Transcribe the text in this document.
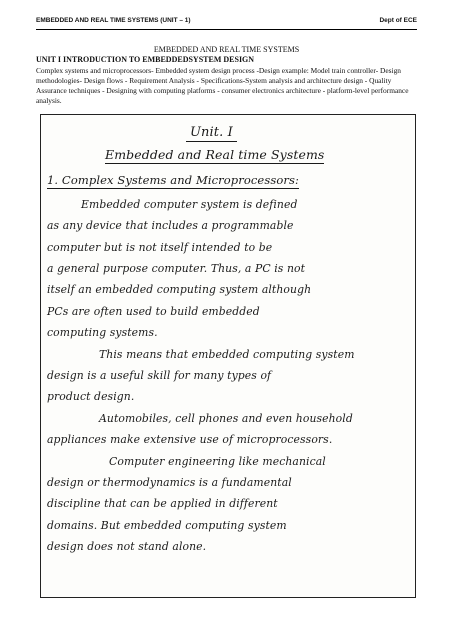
EMBEDDED AND REAL TIME SYSTEMS (UNIT – 1)	Dept of ECE
EMBEDDED AND REAL TIME SYSTEMS
UNIT I INTRODUCTION TO EMBEDDEDSYSTEM DESIGN
Complex systems and microprocessors- Embedded system design process -Design example: Model train controller- Design methodologies- Design flows - Requirement Analysis - Specifications-System analysis and architecture design - Quality Assurance techniques - Designing with computing platforms - consumer electronics architecture - platform-level performance analysis.
Unit. I
Embedded and Real time Systems
1. Complex Systems and Microprocessors:
Embedded computer system is defined
as any device that includes a programmable
computer but is not itself intended to be
a general purpose computer. Thus, a PC is not
itself an embedded computing system although
PCs are often used to build embedded
computing systems.
This means that embedded computing system
design is a useful skill for many types of
product design.
Automobiles, cell phones and even household
appliances make extensive use of microprocessors.
Computer engineering like mechanical
design or thermodynamics is a fundamental
discipline that can be applied in different
domains. But embedded computing system
design does not stand alone.
